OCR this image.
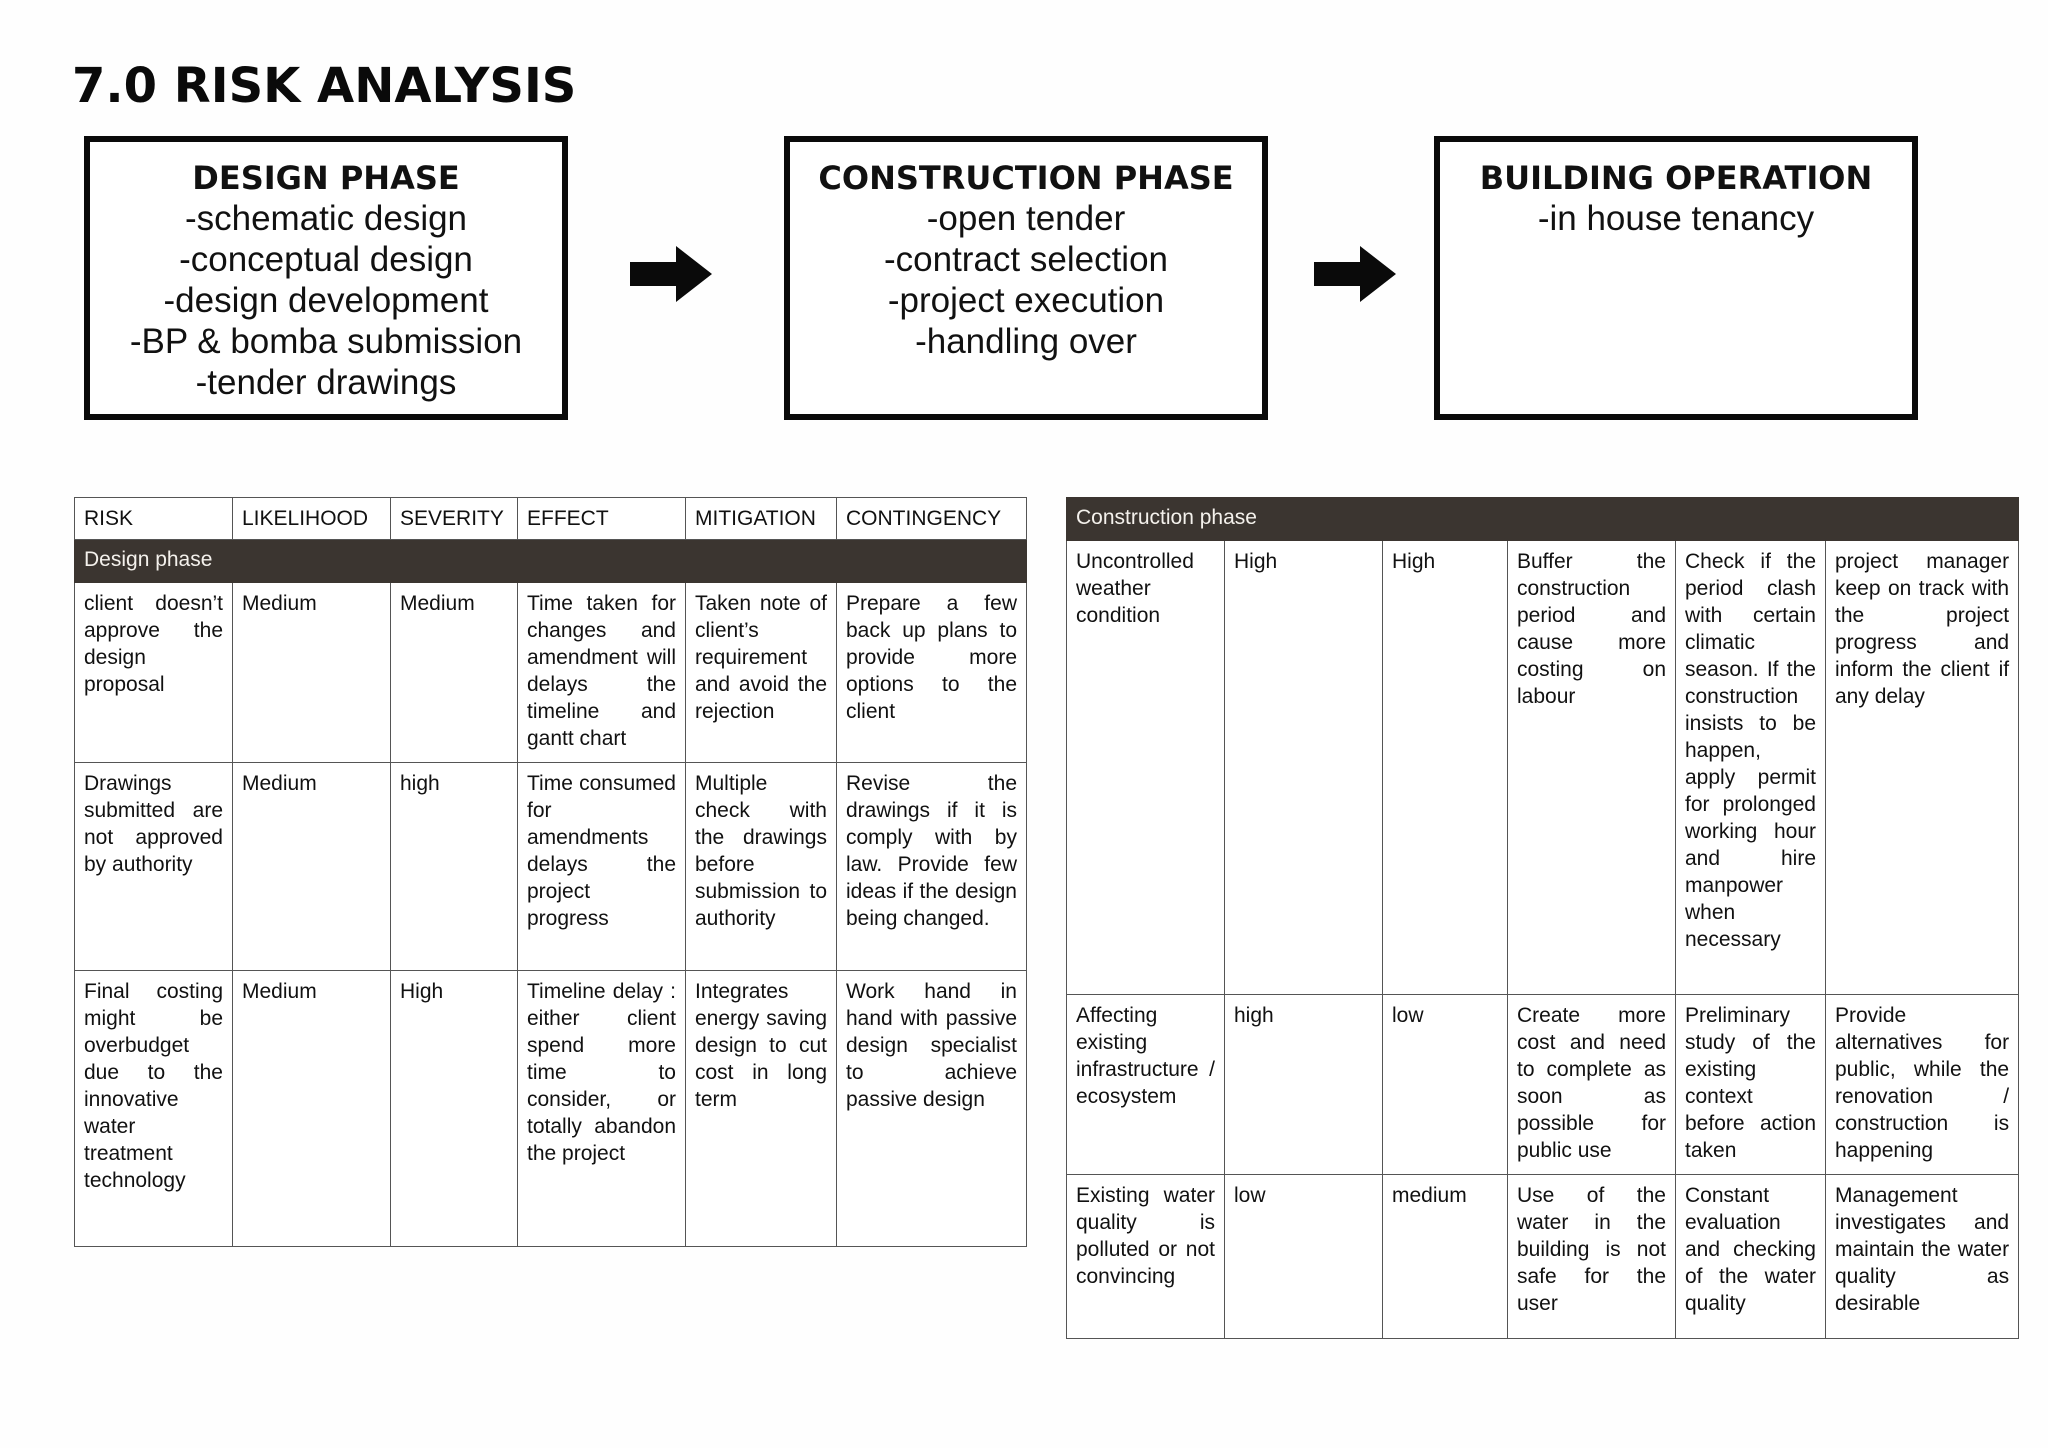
7.0 RISK ANALYSIS
DESIGN PHASE
-schematic design
-conceptual design
-design development
-BP & bomba submission
-tender drawings
CONSTRUCTION PHASE
-open tender
-contract selection
-project execution
-handling over
BUILDING OPERATION
-in house tenancy
RISK	LIKELIHOOD	SEVERITY	EFFECT	MITIGATION	CONTINGENCY
Design phase					
client doesn’t approve the design proposal	Medium	Medium	Time taken for changes and amendment will delays the timeline and gantt chart	Taken note of client’s requirement and avoid the rejection	Prepare a few back up plans to provide more options to the client
Drawings submitted are not approved by authority	Medium	high	Time consumed for amendments delays the project progress	Multiple check with the drawings before submission to authority	Revise the drawings if it is comply with by law. Provide few ideas if the design being changed.
Final costing might be overbudget due to the innovative water treatment technology	Medium	High	Timeline delay : either client spend more time to consider, or totally abandon the project	Integrates energy saving design to cut cost in long term	Work hand in hand with passive design specialist to achieve passive design
Construction phase					
Uncontrolled weather condition	High	High	Buffer the construction period and cause more costing on labour	Check if the period clash with certain climatic season. If the construction insists to be happen, apply permit for prolonged working hour and hire manpower when necessary	project manager keep on track with the project progress and inform the client if any delay
Affecting existing infrastructure / ecosystem	high	low	Create more cost and need to complete as soon as possible for public use	Preliminary study of the existing context before action taken	Provide alternatives for public, while the renovation / construction is happening
Existing water quality is polluted or not convincing	low	medium	Use of the water in the building is not safe for the user	Constant evaluation and checking of the water quality	Management investigates and maintain the water quality as desirable
